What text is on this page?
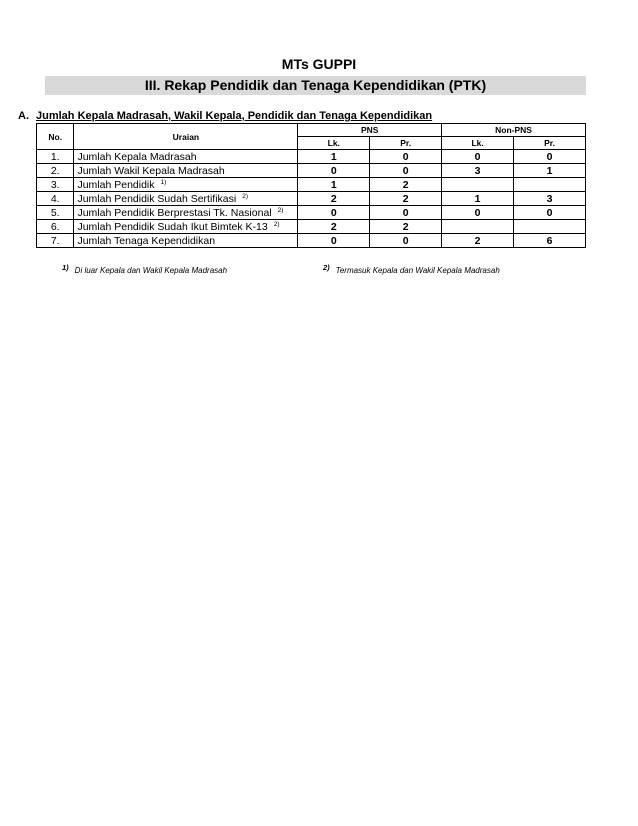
MTs GUPPI
III. Rekap Pendidik dan Tenaga Kependidikan (PTK)
A. Jumlah Kepala Madrasah, Wakil Kepala, Pendidik dan Tenaga Kependidikan
No.	Uraian	PNS		Non-PNS	
		Lk.	Pr.	Lk.	Pr.
1.	Jumlah Kepala Madrasah	1	0	0	0
2.	Jumlah Wakil Kepala Madrasah	0	0	3	1
3.	Jumlah Pendidik $^{1)}$	1	2		
4.	Jumlah Pendidik Sudah Sertifikasi $^{2)}$	2	2	1	3
5.	Jumlah Pendidik Berprestasi Tk. Nasional $^{2)}$	0	0	0	0
6.	Jumlah Pendidik Sudah Ikut Bimtek K-13 $^{2)}$	2	2		
7.	Jumlah Tenaga Kependidikan	0	0	2	6
1) Di luar Kepala dan Wakil Kepala Madrasah	2) Termasuk Kepala dan Wakil Kepala Madrasah
